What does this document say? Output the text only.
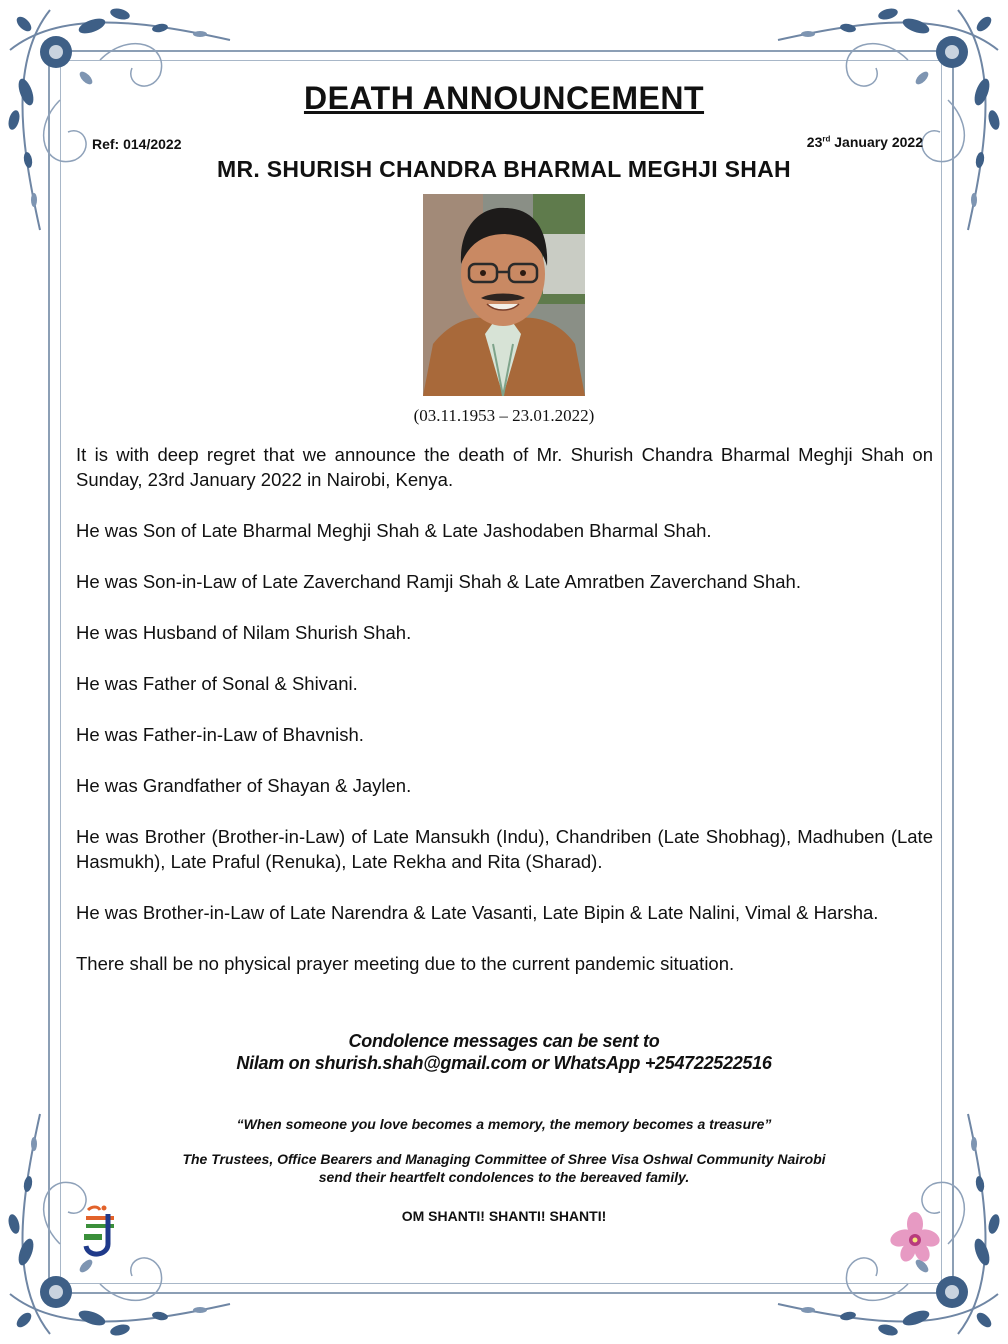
DEATH ANNOUNCEMENT
Ref: 014/2022	23rd January 2022
MR. SHURISH CHANDRA BHARMAL MEGHJI SHAH
(03.11.1953 – 23.01.2022)

It is with deep regret that we announce the death of Mr. Shurish Chandra Bharmal Meghji Shah on Sunday, 23rd January 2022 in Nairobi, Kenya.

He was Son of Late Bharmal Meghji Shah & Late Jashodaben Bharmal Shah.

He was Son-in-Law of Late Zaverchand Ramji Shah & Late Amratben Zaverchand Shah.

He was Husband of Nilam Shurish Shah.

He was Father of Sonal & Shivani.

He was Father-in-Law of Bhavnish.

He was Grandfather of Shayan & Jaylen.

He was Brother (Brother-in-Law) of Late Mansukh (Indu), Chandriben (Late Shobhag), Madhuben (Late Hasmukh), Late Praful (Renuka), Late Rekha and Rita (Sharad).

He was Brother-in-Law of Late Narendra & Late Vasanti, Late Bipin & Late Nalini, Vimal & Harsha.

There shall be no physical prayer meeting due to the current pandemic situation.

Condolence messages can be sent to
Nilam on shurish.shah@gmail.com or WhatsApp +254722522516
“When someone you love becomes a memory, the memory becomes a treasure”
The Trustees, Office Bearers and Managing Committee of Shree Visa Oshwal Community Nairobi
send their heartfelt condolences to the bereaved family.
OM SHANTI! SHANTI! SHANTI!
